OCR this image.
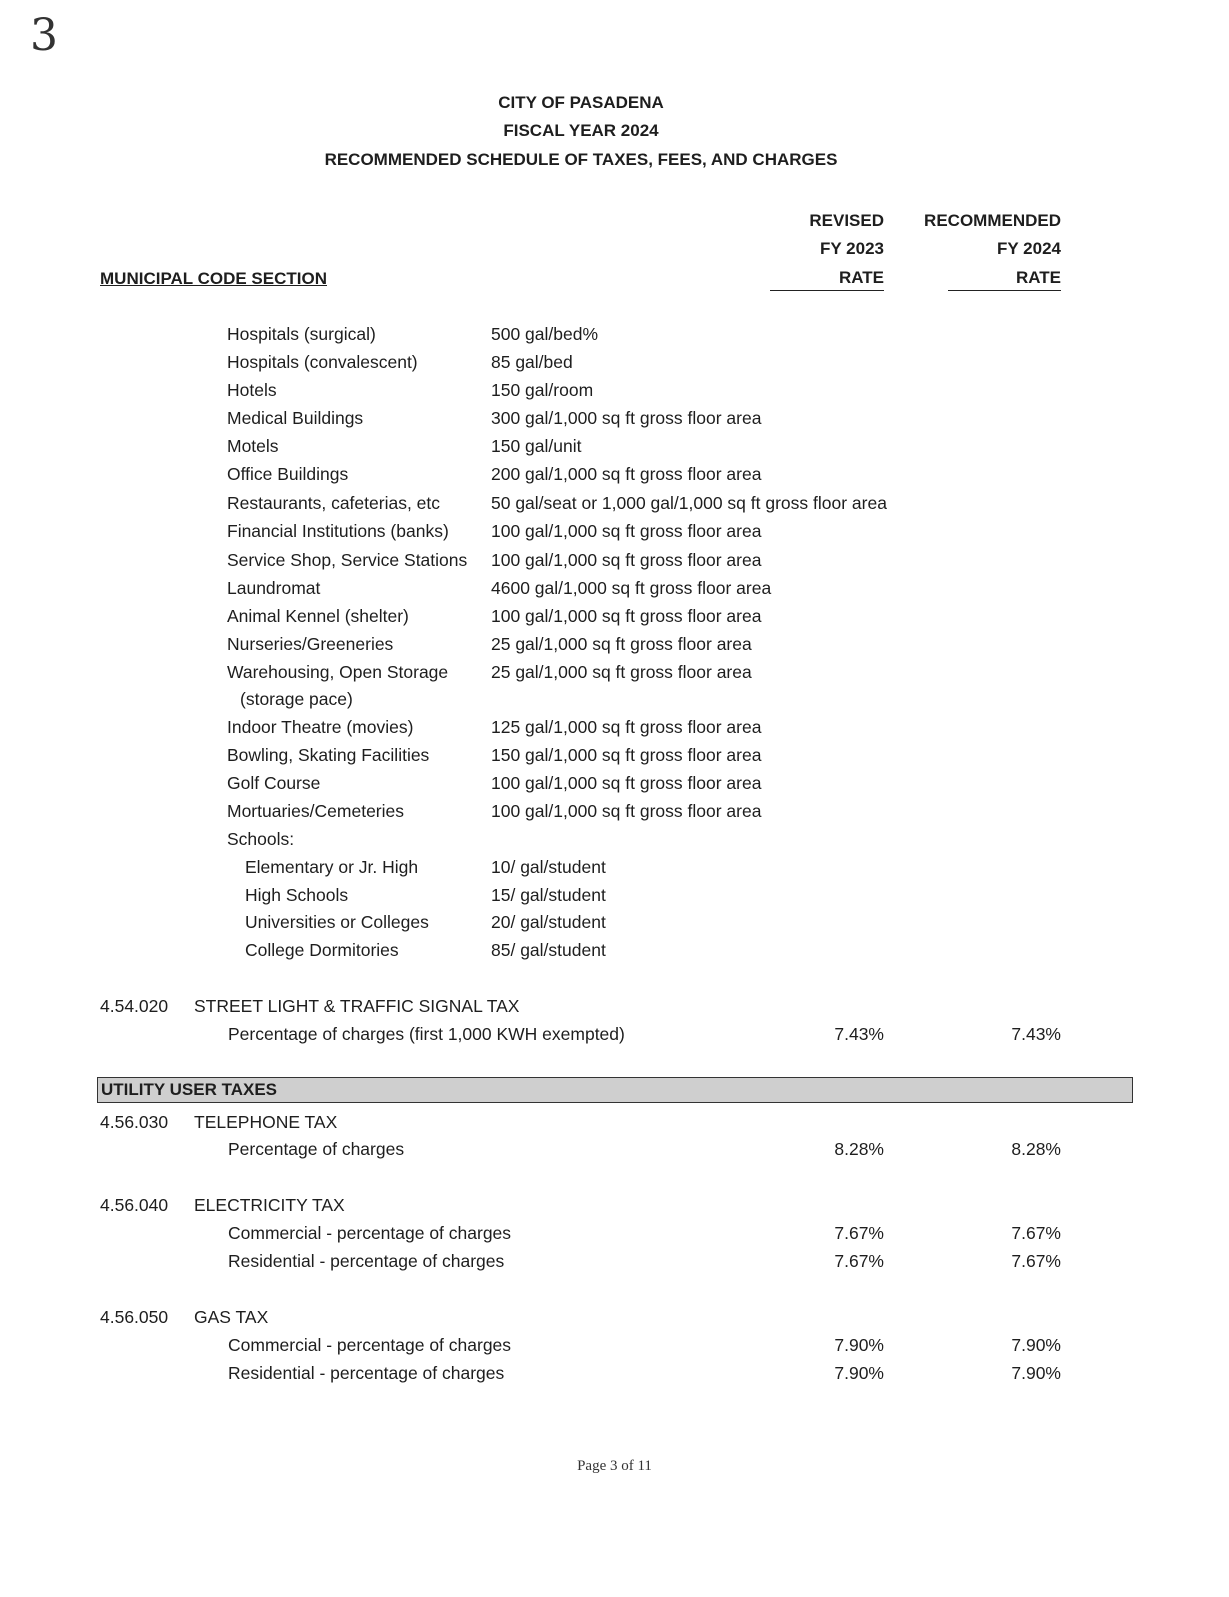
3
CITY OF PASADENA
FISCAL YEAR 2024
RECOMMENDED SCHEDULE OF TAXES, FEES, AND CHARGES
REVISED
FY 2023
RATE
RECOMMENDED
FY 2024
RATE
MUNICIPAL CODE SECTION
Hospitals (surgical)	500 gal/bed%
Hospitals (convalescent)	85 gal/bed
Hotels	150 gal/room
Medical Buildings	300 gal/1,000 sq ft gross floor area
Motels	150 gal/unit
Office Buildings	200 gal/1,000 sq ft gross floor area
Restaurants, cafeterias, etc	50 gal/seat or 1,000 gal/1,000 sq ft gross floor area
Financial Institutions (banks) 100 gal/1,000 sq ft gross floor area
Service Shop, Service Stations 100 gal/1,000 sq ft gross floor area
Laundromat	4600 gal/1,000 sq ft gross floor area
Animal Kennel (shelter)	100 gal/1,000 sq ft gross floor area
Nurseries/Greeneries	25 gal/1,000 sq ft gross floor area
Warehousing, Open Storage 25 gal/1,000 sq ft gross floor area
(storage pace)
Indoor Theatre (movies)	125 gal/1,000 sq ft gross floor area
Bowling, Skating Facilities	150 gal/1,000 sq ft gross floor area
Golf Course	100 gal/1,000 sq ft gross floor area
Mortuaries/Cemeteries	100 gal/1,000 sq ft gross floor area
Schools:
Elementary or Jr. High	10/ gal/student
High Schools	15/ gal/student
Universities or Colleges	20/ gal/student
College Dormitories	85/ gal/student
4.54.020 STREET LIGHT & TRAFFIC SIGNAL TAX
Percentage of charges (first 1,000 KWH exempted)	7.43%	7.43%
UTILITY USER TAXES
4.56.030 TELEPHONE TAX
Percentage of charges	8.28%	8.28%
4.56.040 ELECTRICITY TAX
Commercial - percentage of charges	7.67%	7.67%
Residential - percentage of charges	7.67%	7.67%
4.56.050 GAS TAX
Commercial - percentage of charges	7.90%	7.90%
Residential - percentage of charges	7.90%	7.90%
Page 3 of 11
